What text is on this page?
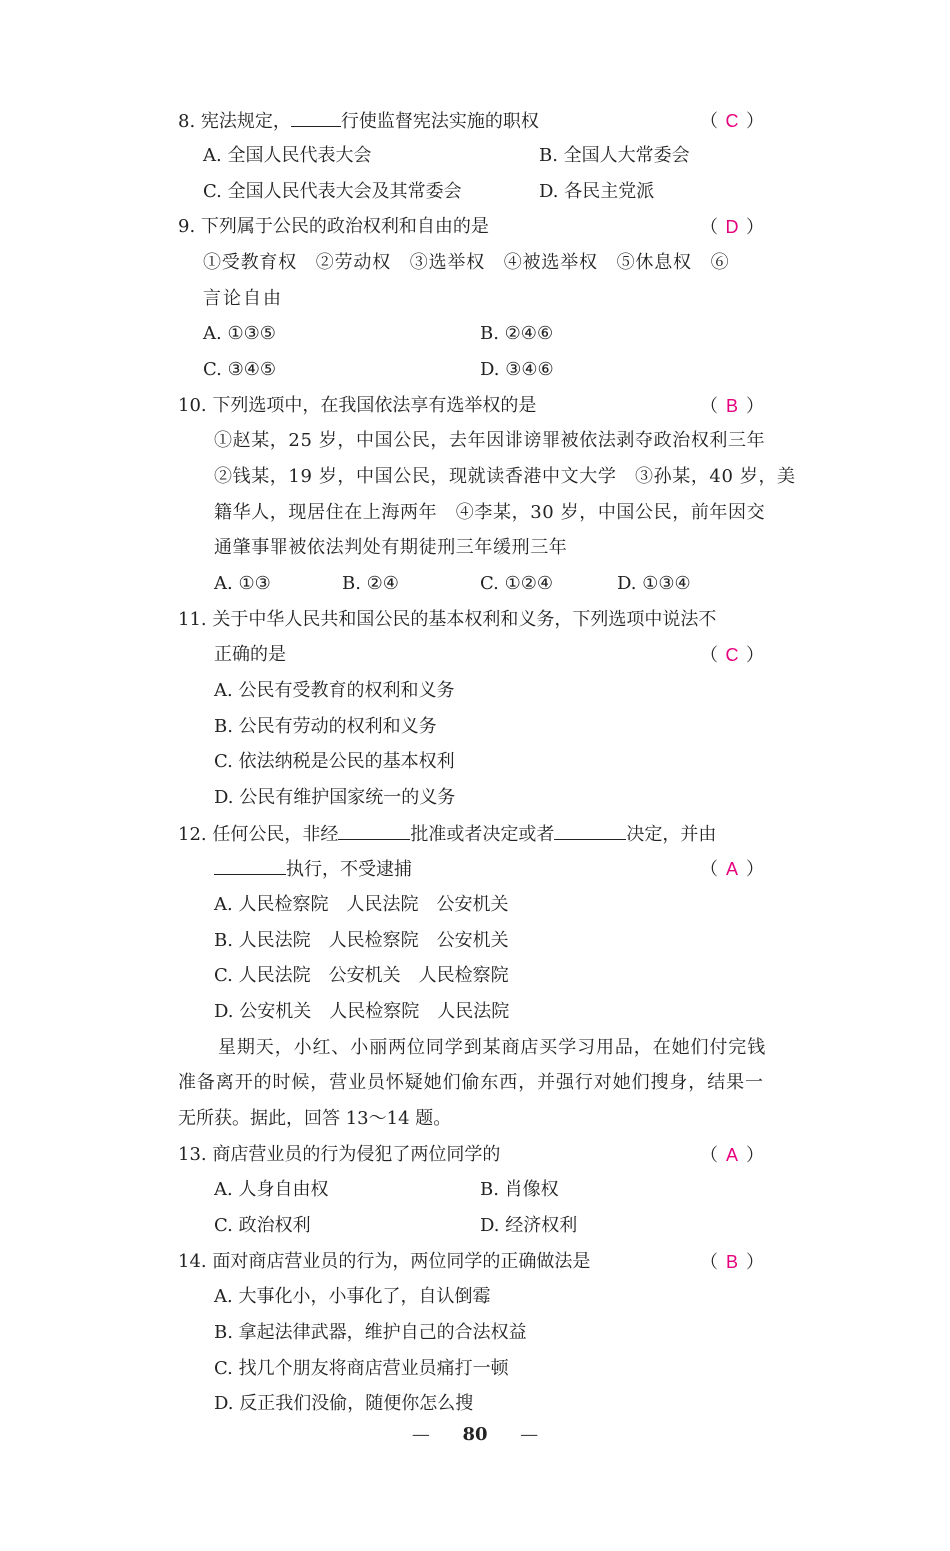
8. 宪法规定，	行使监督宪法实施的职权	（ C ）
A. 全国人民代表大会	B. 全国人大常委会
C. 全国人民代表大会及其常委会	D. 各民主党派
9. 下列属于公民的政治权利和自由的是	（ D ）
①受教育权　②劳动权　③选举权　④被选举权　⑤休息权　⑥
言论自由
A. ①③⑤	B. ②④⑥
C. ③④⑤	D. ③④⑥
10. 下列选项中，在我国依法享有选举权的是	（ B ）
①赵某，25 岁，中国公民，去年因诽谤罪被依法剥夺政治权利三年
②钱某，19 岁，中国公民，现就读香港中文大学　③孙某，40 岁，美
籍华人，现居住在上海两年　④李某，30 岁，中国公民，前年因交
通肇事罪被依法判处有期徒刑三年缓刑三年
A. ①③	B. ②④	C. ①②④	D. ①③④
11. 关于中华人民共和国公民的基本权利和义务，下列选项中说法不
正确的是	（ C ）
A. 公民有受教育的权利和义务
B. 公民有劳动的权利和义务
C. 依法纳税是公民的基本权利
D. 公民有维护国家统一的义务
12. 任何公民，非经	批准或者决定或者	决定，并由
执行，不受逮捕	（ A ）
A. 人民检察院　人民法院　公安机关
B. 人民法院　人民检察院　公安机关
C. 人民法院　公安机关　人民检察院
D. 公安机关　人民检察院　人民法院
星期天，小红、小丽两位同学到某商店买学习用品，在她们付完钱
准备离开的时候，营业员怀疑她们偷东西，并强行对她们搜身，结果一
无所获。据此，回答 13～14 题。
13. 商店营业员的行为侵犯了两位同学的	（ A ）
A. 人身自由权	B. 肖像权
C. 政治权利	D. 经济权利
14. 面对商店营业员的行为，两位同学的正确做法是	（ B ）
A. 大事化小，小事化了，自认倒霉
B. 拿起法律武器，维护自己的合法权益
C. 找几个朋友将商店营业员痛打一顿
D. 反正我们没偷，随便你怎么搜
— 80 —
